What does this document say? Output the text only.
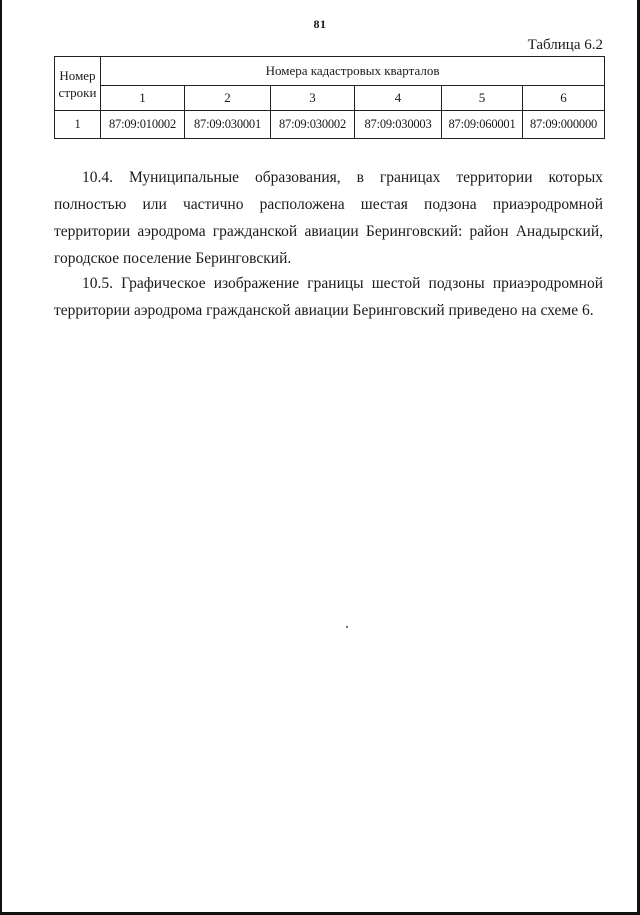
81
Таблица 6.2
Номер
строки	Номера кадастровых кварталов					
	1	2	3	4	5	6
1	87:09:010002	87:09:030001	87:09:030002	87:09:030003	87:09:060001	87:09:000000

10.4. Муниципальные образования, в границах территории которых полностью или частично расположена шестая подзона приаэродромной территории аэродрома гражданской авиации Беринговский: район Анадырский, городское поселение Беринговский.

10.5. Графическое изображение границы шестой подзоны приаэродромной территории аэродрома гражданской авиации Беринговский приведено на схеме 6.
